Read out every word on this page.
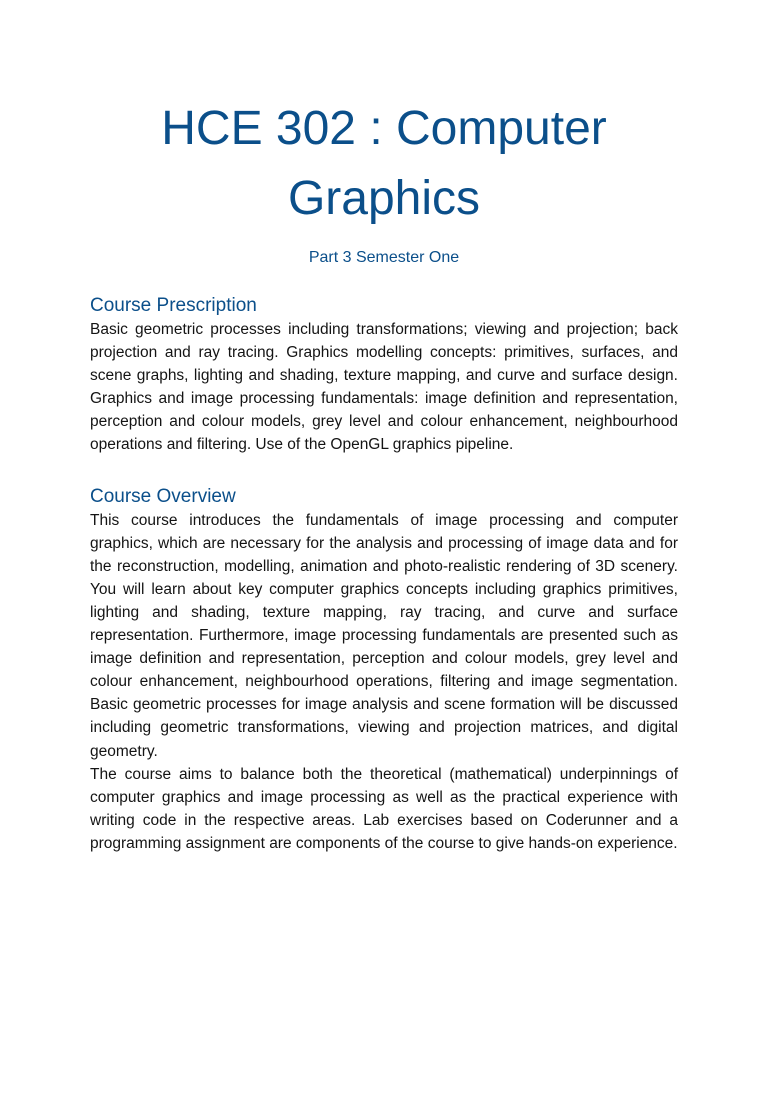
HCE 302 : Computer Graphics
Part 3 Semester One
Course Prescription

Basic geometric processes including transformations; viewing and projection; back projection and ray tracing. Graphics modelling concepts: primitives, surfaces, and scene graphs, lighting and shading, texture mapping, and curve and surface design. Graphics and image processing fundamentals: image definition and representation, perception and colour models, grey level and colour enhancement, neighbourhood operations and filtering. Use of the OpenGL graphics pipeline.

Course Overview

This course introduces the fundamentals of image processing and computer graphics, which are necessary for the analysis and processing of image data and for the reconstruction, modelling, animation and photo-realistic rendering of 3D scenery. You will learn about key computer graphics concepts including graphics primitives, lighting and shading, texture mapping, ray tracing, and curve and surface representation. Furthermore, image processing fundamentals are presented such as image definition and representation, perception and colour models, grey level and colour enhancement, neighbourhood operations, filtering and image segmentation. Basic geometric processes for image analysis and scene formation will be discussed including geometric transformations, viewing and projection matrices, and digital geometry.

The course aims to balance both the theoretical (mathematical) underpinnings of computer graphics and image processing as well as the practical experience with writing code in the respective areas. Lab exercises based on Coderunner and a programming assignment are components of the course to give hands-on experience.
